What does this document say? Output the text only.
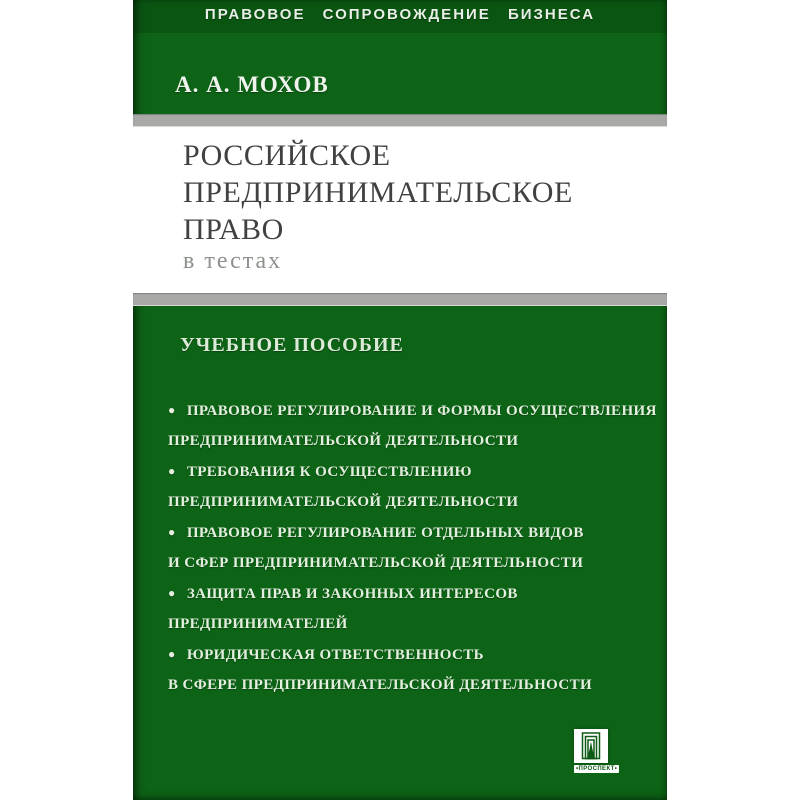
ПРАВОВОЕ СОПРОВОЖДЕНИЕ БИЗНЕСА
А. А. МОХОВ
РОССИЙСКОЕ
ПРЕДПРИНИМАТЕЛЬСКОЕ
ПРАВО
в тестах
УЧЕБНОЕ ПОСОБИЕ
● ПРАВОВОЕ РЕГУЛИРОВАНИЕ И ФОРМЫ ОСУЩЕСТВЛЕНИЯ
ПРЕДПРИНИМАТЕЛЬСКОЙ ДЕЯТЕЛЬНОСТИ
● ТРЕБОВАНИЯ К ОСУЩЕСТВЛЕНИЮ
ПРЕДПРИНИМАТЕЛЬСКОЙ ДЕЯТЕЛЬНОСТИ
● ПРАВОВОЕ РЕГУЛИРОВАНИЕ ОТДЕЛЬНЫХ ВИДОВ
И СФЕР ПРЕДПРИНИМАТЕЛЬСКОЙ ДЕЯТЕЛЬНОСТИ
● ЗАЩИТА ПРАВ И ЗАКОННЫХ ИНТЕРЕСОВ
ПРЕДПРИНИМАТЕЛЕЙ
● ЮРИДИЧЕСКАЯ ОТВЕТСТВЕННОСТЬ
В СФЕРЕ ПРЕДПРИНИМАТЕЛЬСКОЙ ДЕЯТЕЛЬНОСТИ
•ПРОСПЕКТ•
